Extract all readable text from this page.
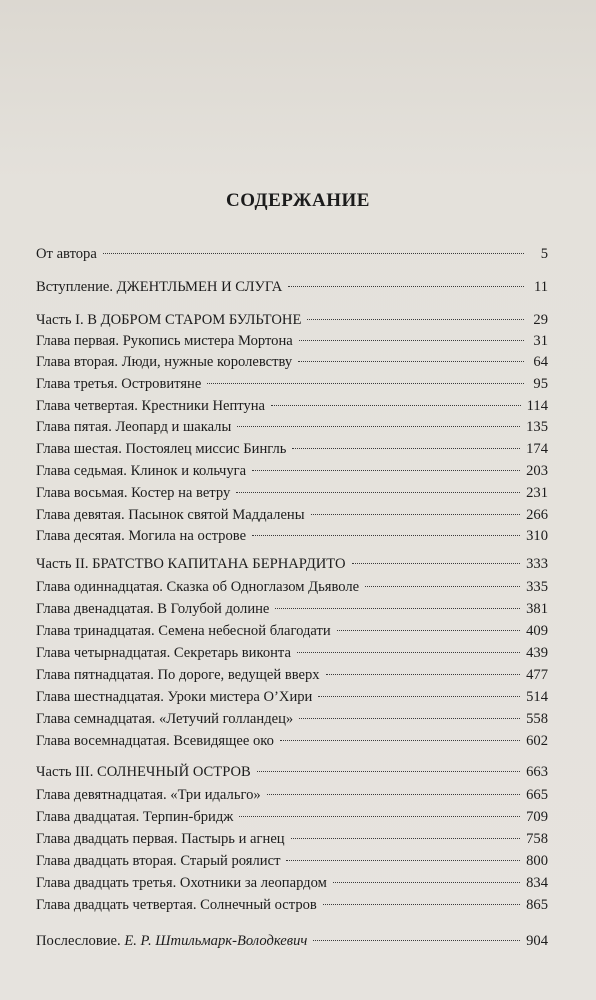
СОДЕРЖАНИЕ
От автора	5
Вступление. ДЖЕНТЛЬМЕН И СЛУГА	11
Часть I. В ДОБРОМ СТАРОМ БУЛЬТОНЕ	29
Глава первая. Рукопись мистера Мортона	31
Глава вторая. Люди, нужные королевству	64
Глава третья. Островитяне	95
Глава четвертая. Крестники Нептуна	114
Глава пятая. Леопард и шакалы	135
Глава шестая. Постоялец миссис Бингль	174
Глава седьмая. Клинок и кольчуга	203
Глава восьмая. Костер на ветру	231
Глава девятая. Пасынок святой Маддалены	266
Глава десятая. Могила на острове	310
Часть II. БРАТСТВО КАПИТАНА БЕРНАРДИТО	333
Глава одиннадцатая. Сказка об Одноглазом Дьяволе	335
Глава двенадцатая. В Голубой долине	381
Глава тринадцатая. Семена небесной благодати	409
Глава четырнадцатая. Секретарь виконта	439
Глава пятнадцатая. По дороге, ведущей вверх	477
Глава шестнадцатая. Уроки мистера О’Хири	514
Глава семнадцатая. «Летучий голландец»	558
Глава восемнадцатая. Всевидящее око	602
Часть III. СОЛНЕЧНЫЙ ОСТРОВ	663
Глава девятнадцатая. «Три идальго»	665
Глава двадцатая. Терпин-бридж	709
Глава двадцать первая. Пастырь и агнец	758
Глава двадцать вторая. Старый роялист	800
Глава двадцать третья. Охотники за леопардом	834
Глава двадцать четвертая. Солнечный остров	865
Послесловие. Е. Р. Штильмарк-Володкевич	904
